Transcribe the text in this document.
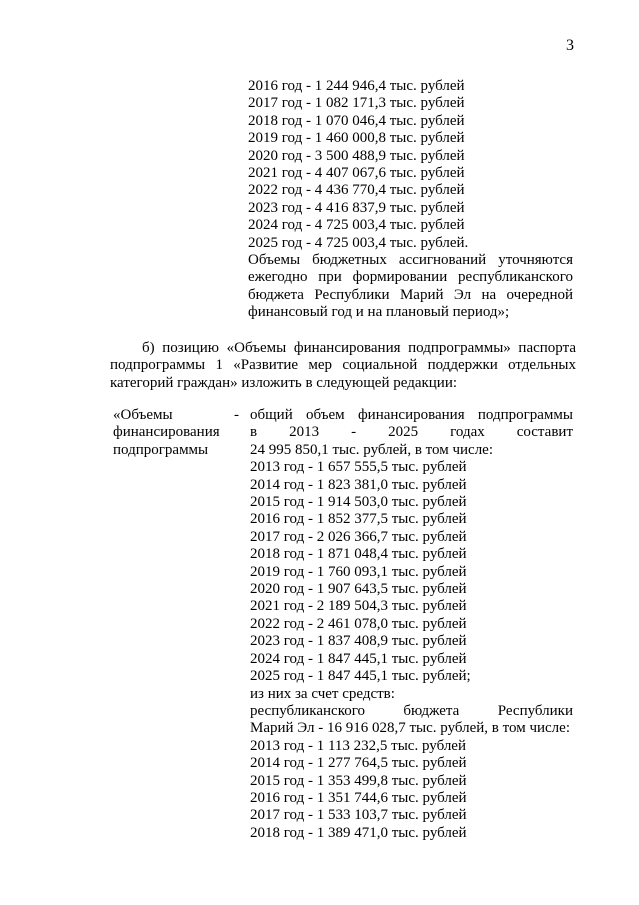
3
2016 год - 1 244 946,4 тыс. рублей
2017 год - 1 082 171,3 тыс. рублей
2018 год - 1 070 046,4 тыс. рублей
2019 год - 1 460 000,8 тыс. рублей
2020 год - 3 500 488,9 тыс. рублей
2021 год - 4 407 067,6 тыс. рублей
2022 год - 4 436 770,4 тыс. рублей
2023 год - 4 416 837,9 тыс. рублей
2024 год - 4 725 003,4 тыс. рублей
2025 год - 4 725 003,4 тыс. рублей.
Объемы бюджетных ассигнований уточняются
ежегодно при формировании республиканского
бюджета Республики Марий Эл на очередной
финансовый год и на плановый период»;
б) позицию «Объемы финансирования подпрограммы» паспорта
подпрограммы 1 «Развитие мер социальной поддержки отдельных
категорий граждан» изложить в следующей редакции:
«Объемы
финансирования
подпрограммы
- общий объем финансирования подпрограммы
в 2013 - 2025 годах составит
24 995 850,1 тыс. рублей, в том числе:
2013 год - 1 657 555,5 тыс. рублей
2014 год - 1 823 381,0 тыс. рублей
2015 год - 1 914 503,0 тыс. рублей
2016 год - 1 852 377,5 тыс. рублей
2017 год - 2 026 366,7 тыс. рублей
2018 год - 1 871 048,4 тыс. рублей
2019 год - 1 760 093,1 тыс. рублей
2020 год - 1 907 643,5 тыс. рублей
2021 год - 2 189 504,3 тыс. рублей
2022 год - 2 461 078,0 тыс. рублей
2023 год - 1 837 408,9 тыс. рублей
2024 год - 1 847 445,1 тыс. рублей
2025 год - 1 847 445,1 тыс. рублей;
из них за счет средств:
республиканского бюджета Республики
Марий Эл - 16 916 028,7 тыс. рублей, в том числе:
2013 год - 1 113 232,5 тыс. рублей
2014 год - 1 277 764,5 тыс. рублей
2015 год - 1 353 499,8 тыс. рублей
2016 год - 1 351 744,6 тыс. рублей
2017 год - 1 533 103,7 тыс. рублей
2018 год - 1 389 471,0 тыс. рублей
